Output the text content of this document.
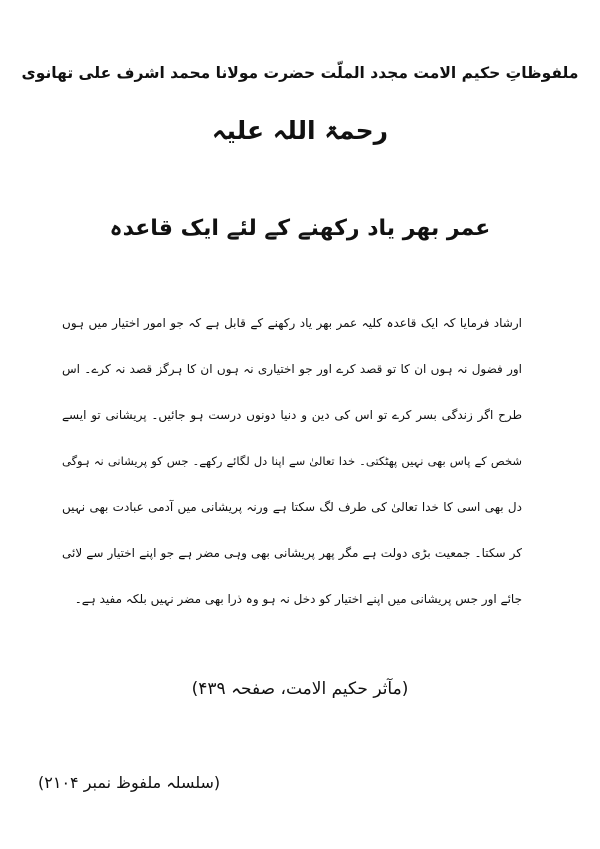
ملفوظاتِ حکیم الامت مجدد الملّت حضرت مولانا محمد اشرف علی تھانوی
رحمۃ اللہ علیہ
عمر بھر یاد رکھنے کے لئے ایک قاعدہ
ارشاد فرمایا کہ ایک قاعدہ کلیہ عمر بھر یاد رکھنے کے قابل ہے کہ جو امور اختیار میں ہوں
اور فضول نہ ہوں ان کا تو قصد کرے اور جو اختیاری نہ ہوں ان کا ہرگز قصد نہ کرے۔ اس
طرح اگر زندگی بسر کرے تو اس کی دین و دنیا دونوں درست ہو جائیں۔ پریشانی تو ایسے
شخص کے پاس بھی نہیں پھٹکتی۔ خدا تعالیٰ سے اپنا دل لگائے رکھے۔ جس کو پریشانی نہ ہوگی
دل بھی اسی کا خدا تعالیٰ کی طرف لگ سکتا ہے ورنہ پریشانی میں آدمی عبادت بھی نہیں
کر سکتا۔ جمعیت بڑی دولت ہے مگر پھر پریشانی بھی وہی مضر ہے جو اپنے اختیار سے لائی
جائے اور جس پریشانی میں اپنے اختیار کو دخل نہ ہو وہ ذرا بھی مضر نہیں بلکہ مفید ہے۔
(مآثر حکیم الامت، صفحہ ۴۳۹)
(سلسلہ ملفوظ نمبر ۲۱۰۴)
